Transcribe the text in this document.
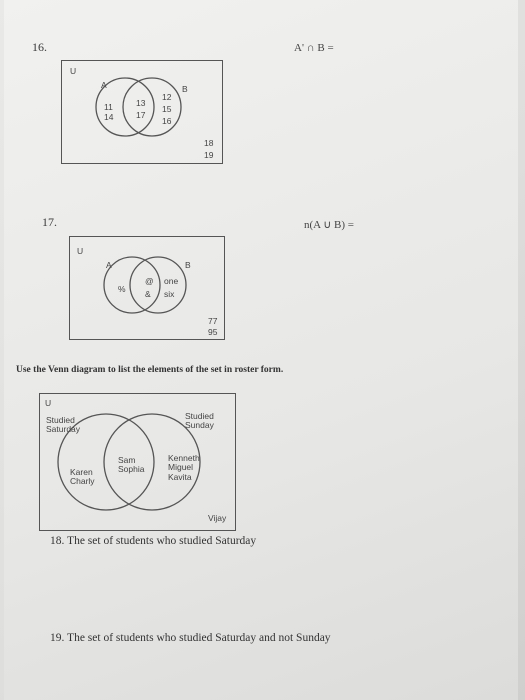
16.	A' ∩ B =
U
A	B
11
14
13
17
12
15
16
18
19
17.	n(A ∪ B) =
U
A	B
%
@
&
one
six
77
95
Use the Venn diagram to list the elements of the set in roster form.
U
Studied
Saturday
Studied
Sunday
Karen
Charly
Sam
Sophia
Kenneth
Miguel
Kavita
Vijay
18. The set of students who studied Saturday
19. The set of students who studied Saturday and not Sunday
